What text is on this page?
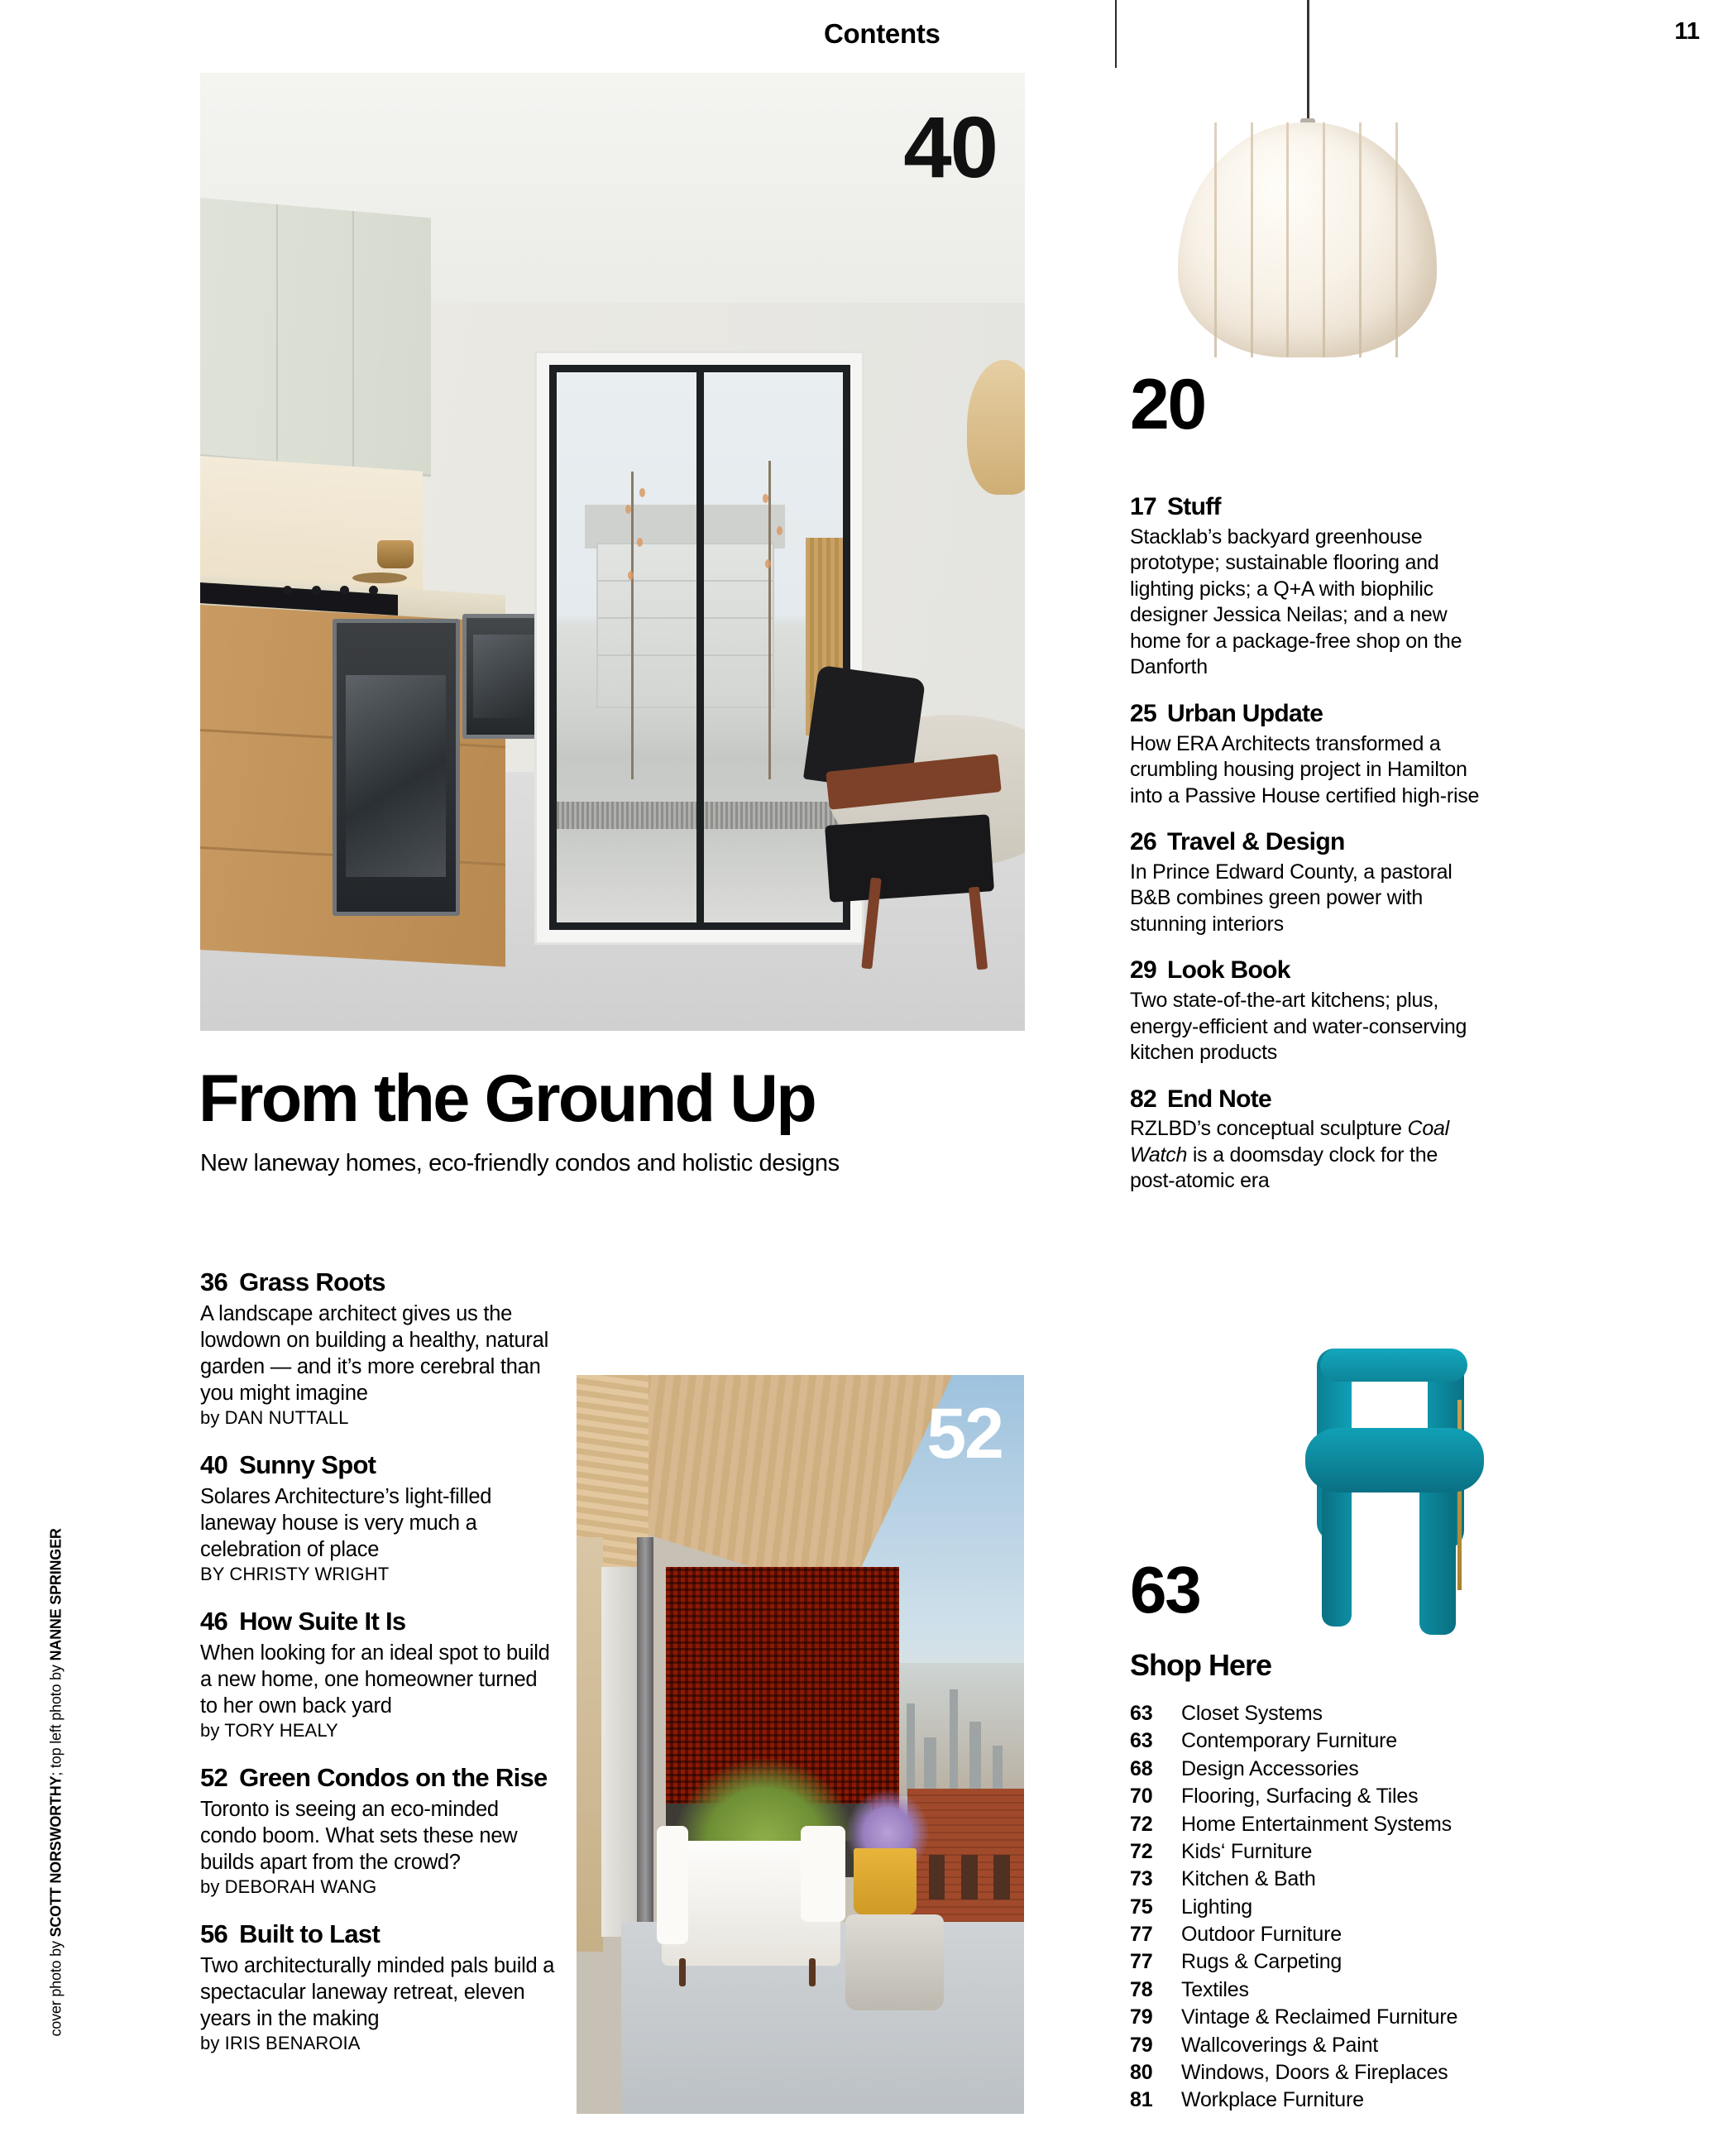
Contents	11
40
From the Ground Up
New laneway homes, eco-friendly condos and holistic designs
cover photo by SCOTT NORSWORTHY; top left photo by NANNE SPRINGER
36 Grass Roots
A landscape architect gives us the lowdown on building a healthy, natural garden — and it’s more cerebral than you might imagine
by DAN NUTTALL
40 Sunny Spot
Solares Architecture’s light-filled laneway house is very much a celebration of place
BY CHRISTY WRIGHT
46 How Suite It Is
When looking for an ideal spot to build a new home, one homeowner turned to her own back yard
by TORY HEALY
52 Green Condos on the Rise
Toronto is seeing an eco-minded condo boom. What sets these new builds apart from the crowd?
by DEBORAH WANG
56 Built to Last
Two architecturally minded pals build a spectacular laneway retreat, eleven years in the making
by IRIS BENAROIA
52
20
17 Stuff
Stacklab’s backyard greenhouse prototype; sustainable flooring and lighting picks; a Q+A with biophilic designer Jessica Neilas; and a new home for a package-free shop on the Danforth
25 Urban Update
How ERA Architects transformed a crumbling housing project in Hamilton into a Passive House certified high-rise
26 Travel & Design
In Prince Edward County, a pastoral B&B combines green power with stunning interiors
29 Look Book
Two state-of-the-art kitchens; plus, energy-efficient and water-conserving kitchen products
82 End Note
RZLBD’s conceptual sculpture Coal Watch is a doomsday clock for the post-atomic era
63
Shop Here
63	Closet Systems
63	Contemporary Furniture
68	Design Accessories
70	Flooring, Surfacing & Tiles
72	Home Entertainment Systems
72	Kids‘ Furniture
73	Kitchen & Bath
75	Lighting
77	Outdoor Furniture
77	Rugs & Carpeting
78	Textiles
79	Vintage & Reclaimed Furniture
79	Wallcoverings & Paint
80	Windows, Doors & Fireplaces
81	Workplace Furniture
